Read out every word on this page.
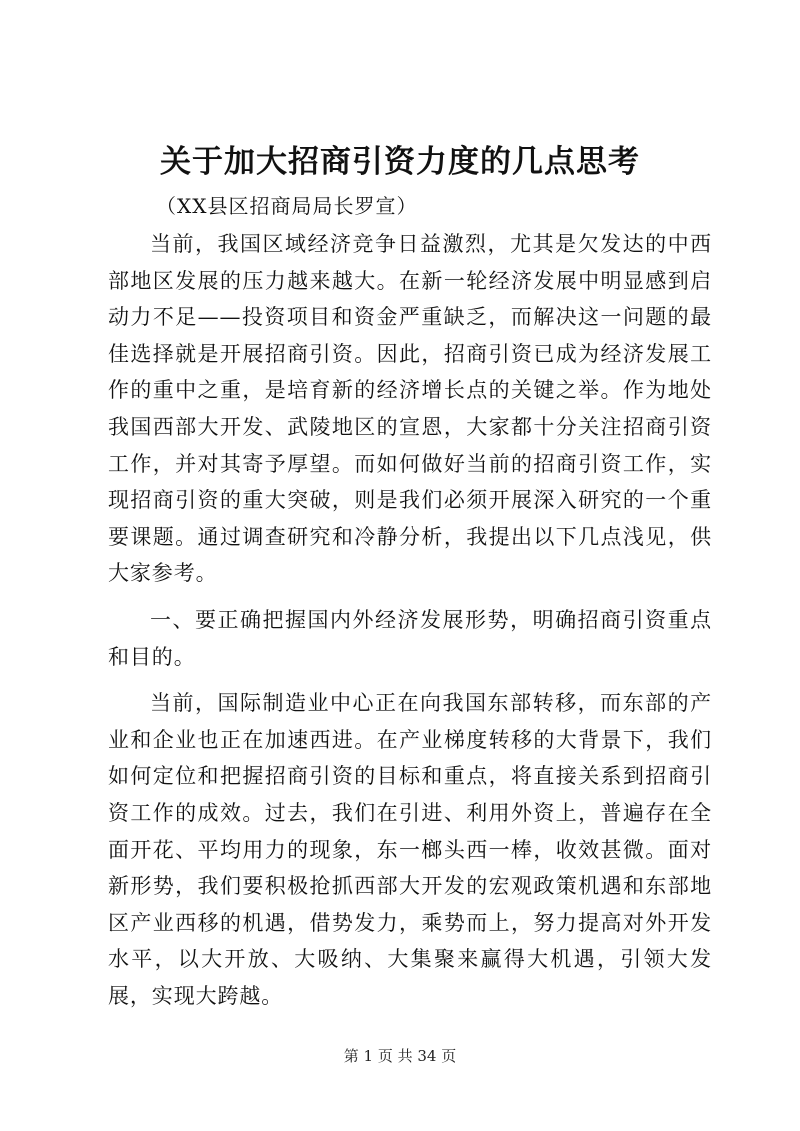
关于加大招商引资力度的几点思考
（XX县区招商局局长罗宣）

当前，我国区域经济竞争日益激烈，尤其是欠发达的中西部地区发展的压力越来越大。在新一轮经济发展中明显感到启动力不足——投资项目和资金严重缺乏，而解决这一问题的最佳选择就是开展招商引资。因此，招商引资已成为经济发展工作的重中之重，是培育新的经济增长点的关键之举。作为地处我国西部大开发、武陵地区的宣恩，大家都十分关注招商引资工作，并对其寄予厚望。而如何做好当前的招商引资工作，实现招商引资的重大突破，则是我们必须开展深入研究的一个重要课题。通过调查研究和冷静分析，我提出以下几点浅见，供大家参考。

一、要正确把握国内外经济发展形势，明确招商引资重点和目的。

当前，国际制造业中心正在向我国东部转移，而东部的产业和企业也正在加速西进。在产业梯度转移的大背景下，我们如何定位和把握招商引资的目标和重点，将直接关系到招商引资工作的成效。过去，我们在引进、利用外资上，普遍存在全面开花、平均用力的现象，东一榔头西一棒，收效甚微。面对新形势，我们要积极抢抓西部大开发的宏观政策机遇和东部地区产业西移的机遇，借势发力，乘势而上，努力提高对外开发水平，以大开放、大吸纳、大集聚来赢得大机遇，引领大发展，实现大跨越。

第 1 页 共 34 页
